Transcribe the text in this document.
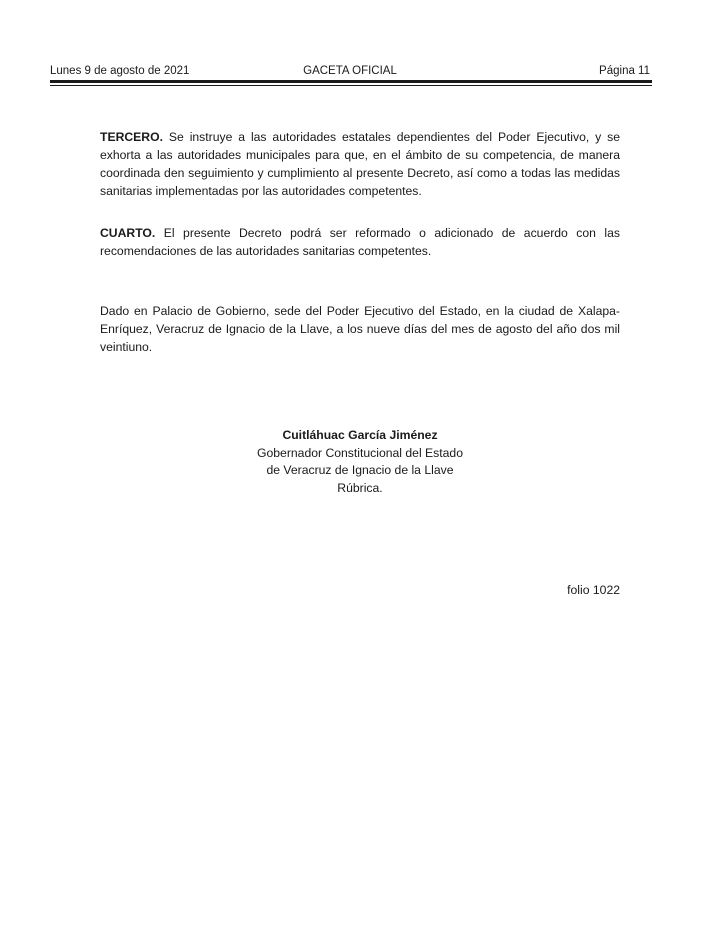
Lunes 9 de agosto de 2021	GACETA OFICIAL	Página 11

TERCERO. Se instruye a las autoridades estatales dependientes del Poder Ejecutivo, y se exhorta a las autoridades municipales para que, en el ámbito de su competencia, de manera coordinada den seguimiento y cumplimiento al presente Decreto, así como a todas las medidas sanitarias implementadas por las autoridades competentes.

CUARTO. El presente Decreto podrá ser reformado o adicionado de acuerdo con las recomendaciones de las autoridades sanitarias competentes.

Dado en Palacio de Gobierno, sede del Poder Ejecutivo del Estado, en la ciudad de Xalapa-Enríquez, Veracruz de Ignacio de la Llave, a los nueve días del mes de agosto del año dos mil veintiuno.

Cuitláhuac García Jiménez
Gobernador Constitucional del Estado
de Veracruz de Ignacio de la Llave
Rúbrica.
folio 1022
